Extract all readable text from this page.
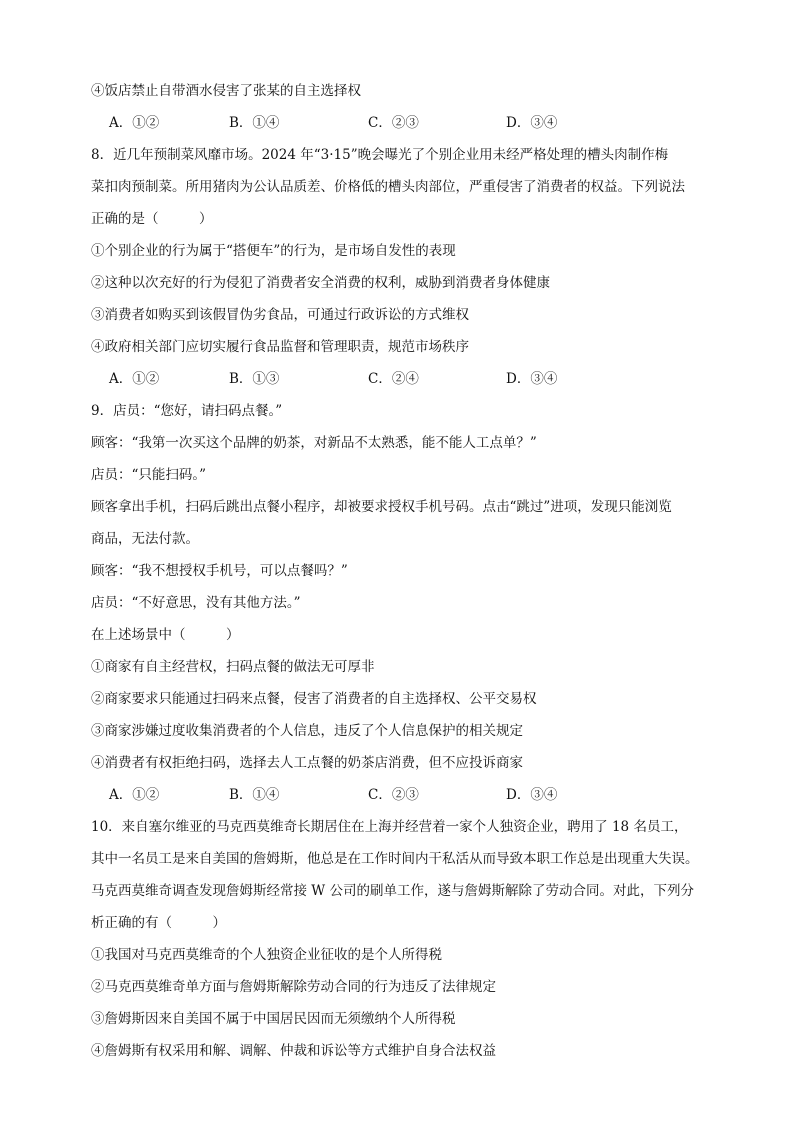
④饭店禁止自带酒水侵害了张某的自主选择权
A．①②	B．①④	C．②③	D．③④
8．近几年预制菜风靡市场。2024 年“3·15”晚会曝光了个别企业用未经严格处理的槽头肉制作梅
菜扣肉预制菜。所用猪肉为公认品质差、价格低的槽头肉部位，严重侵害了消费者的权益。下列说法
正确的是（　　　）
①个别企业的行为属于“搭便车”的行为，是市场自发性的表现
②这种以次充好的行为侵犯了消费者安全消费的权利，威胁到消费者身体健康
③消费者如购买到该假冒伪劣食品，可通过行政诉讼的方式维权
④政府相关部门应切实履行食品监督和管理职责，规范市场秩序
A．①②	B．①③	C．②④	D．③④
9．店员：“您好，请扫码点餐。”
顾客：“我第一次买这个品牌的奶茶，对新品不太熟悉，能不能人工点单？”
店员：“只能扫码。”
顾客拿出手机，扫码后跳出点餐小程序，却被要求授权手机号码。点击“跳过”进项，发现只能浏览
商品，无法付款。
顾客：“我不想授权手机号，可以点餐吗？”
店员：“不好意思，没有其他方法。”
在上述场景中（　　　）
①商家有自主经营权，扫码点餐的做法无可厚非
②商家要求只能通过扫码来点餐，侵害了消费者的自主选择权、公平交易权
③商家涉嫌过度收集消费者的个人信息，违反了个人信息保护的相关规定
④消费者有权拒绝扫码，选择去人工点餐的奶茶店消费，但不应投诉商家
A．①②	B．①④	C．②③	D．③④
10．来自塞尔维亚的马克西莫维奇长期居住在上海并经营着一家个人独资企业，聘用了 18 名员工，
其中一名员工是来自美国的詹姆斯，他总是在工作时间内干私活从而导致本职工作总是出现重大失误。
马克西莫维奇调查发现詹姆斯经常接 W 公司的刷单工作，遂与詹姆斯解除了劳动合同。对此，下列分
析正确的有（　　　）
①我国对马克西莫维奇的个人独资企业征收的是个人所得税
②马克西莫维奇单方面与詹姆斯解除劳动合同的行为违反了法律规定
③詹姆斯因来自美国不属于中国居民因而无须缴纳个人所得税
④詹姆斯有权采用和解、调解、仲裁和诉讼等方式维护自身合法权益
